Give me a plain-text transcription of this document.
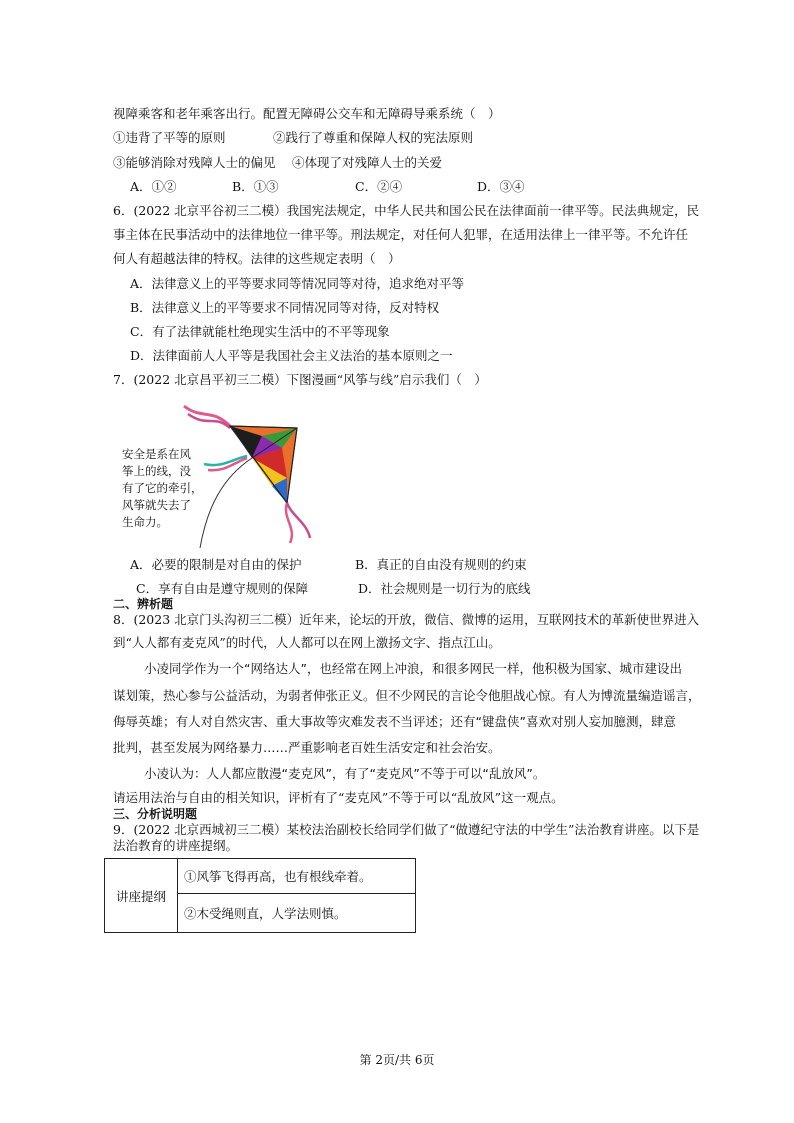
视障乘客和老年乘客出行。配置无障碍公交车和无障碍导乘系统（　）
①违背了平等的原则	②践行了尊重和保障人权的宪法原则
③能够消除对残障人士的偏见 ④体现了对残障人士的关爱
A．①②	B．①③	C．②④	D．③④
6．(2022 北京平谷初三二模）我国宪法规定，中华人民共和国公民在法律面前一律平等。民法典规定，民
事主体在民事活动中的法律地位一律平等。刑法规定，对任何人犯罪，在适用法律上一律平等。不允许任
何人有超越法律的特权。法律的这些规定表明（　）
A．法律意义上的平等要求同等情况同等对待，追求绝对平等
B．法律意义上的平等要求不同情况同等对待，反对特权
C．有了法律就能杜绝现实生活中的不平等现象
D．法律面前人人平等是我国社会主义法治的基本原则之一
7．(2022 北京昌平初三二模）下图漫画“风筝与线”启示我们（　）
安全是系在风
筝上的线，没
有了它的牵引，
风筝就失去了
生命力。
A．必要的限制是对自由的保护	B．真正的自由没有规则的约束
C．享有自由是遵守规则的保障	D．社会规则是一切行为的底线
二、辨析题
8．(2023 北京门头沟初三二模）近年来，论坛的开放，微信、微博的运用，互联网技术的革新使世界进入
到“人人都有麦克风”的时代，人人都可以在网上激扬文字、指点江山。
小凌同学作为一个“网络达人”，也经常在网上冲浪，和很多网民一样，他积极为国家、城市建设出
谋划策，热心参与公益活动，为弱者伸张正义。但不少网民的言论令他胆战心惊。有人为博流量编造谣言，
侮辱英雄；有人对自然灾害、重大事故等灾难发表不当评述；还有“键盘侠”喜欢对别人妄加臆测，肆意
批判，甚至发展为网络暴力……严重影响老百姓生活安定和社会治安。
小凌认为：人人都应散漫“麦克风”，有了“麦克风”不等于可以“乱放风”。
请运用法治与自由的相关知识，评析有了“麦克风”不等于可以“乱放风”这一观点。
三、分析说明题
9．(2022 北京西城初三二模）某校法治副校长给同学们做了“做遵纪守法的中学生”法治教育讲座。以下是
法治教育的讲座提纲。
讲座提纲	①风筝飞得再高，也有根线牵着。
②木受绳则直，人学法则慎。
第 2页/共 6页
